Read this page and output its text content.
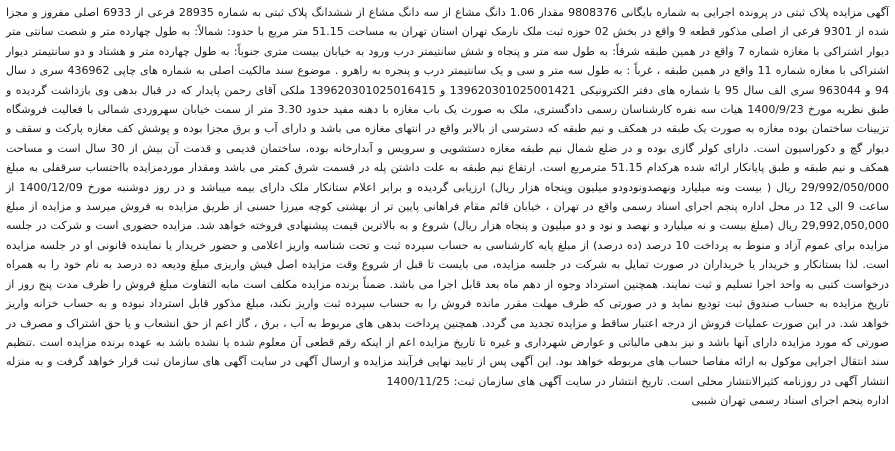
آگهی مزایده پلاک ثبتی در پرونده اجرایی به شماره بایگانی 9808376 مقدار 1.06 دانگ مشاع از سه دانگ مشاع از ششدانگ پلاک ثبتی به شماره 28935 فرعی از 6933 اصلی مفروز و مجزا شده از 9301 فرعی از اصلی مذکور قطعه 9 واقع در بخش 02 حوزه ثبت ملک نارمک تهران استان تهران به مساحت 51.15 متر مربع با حدود: شمالاً: به طول چهارده متر و شصت سانتی متر دیوار اشتراکی با مغازه شماره 7 واقع در همین طبقه شرقاً: به طول سه متر و پنجاه و شش سانتیمتر درب ورود به خیابان بیست متری جنوباً: به طول چهارده متر و هشتاد و دو سانتیمتر دیوار اشتراکی با مغازه شماره 11 واقع در همین طبقه ، غرباً : به طول سه متر و سی و یک سانتیمتر درب و پنجره به راهرو . موضوع سند مالکیت اصلی به شماره های چاپی 436962 سری د سال 94 و 963044 سری الف سال 95 با شماره های دفتر الکترونیکی 139620301025001421 و 139620301025016415 ملکی آقای رحمن پایدار که در قبال بدهی وی بازداشت گردیده و طبق نظریه مورخ 1400/9/23 هیات سه نفره کارشناسان رسمی دادگستری، ملک به صورت یک باب مغازه با دهنه مفید حدود 3.30 متر از سمت خیابان سهروردی شمالی با فعالیت فروشگاه تزیینات ساختمان بوده مغازه به صورت یک طبقه در همکف و نیم طبقه که دسترسی از بالابر واقع در انتهای مغازه می باشد و دارای آب و برق مجزا بوده و پوشش کف مغازه پارکت و سقف و دیوار گچ و دکوراسیون است. دارای کولر گازی بوده و در ضلع شمال نیم طبقه مغازه دستشویی و سرویس و آبدارخانه بوده، ساختمان قدیمی و قدمت آن بیش از 30 سال است و مساحت همکف و نیم طبقه و طبق پایانکار ارائه شده هرکدام 51.15 مترمربع است. ارتفاع نیم طبقه به علت داشتن پله در قسمت شرق کمتر می باشد ومقدار موردمزایده بااحتساب سرقفلی به مبلغ 29/992/050/000 ریال ( بیست ونه میلیارد ونهصدونودودو میلیون وپنجاه هزار ریال) ارزیابی گردیده و برابر اعلام ستانکار ملک دارای بیمه میباشد و در روز دوشنبه مورخ 1400/12/09 از ساعت 9 الی 12 در محل اداره پنجم اجرای اسناد رسمی واقع در تهران ، خیابان قائم مقام فراهانی پایین تر از بهشتی کوچه میرزا حسنی از طریق مزایده به فروش میرسد و مزایده از مبلغ 29,992,050,000 ریال (مبلغ بیست و نه میلیارد و نهصد و نود و دو میلیون و پنجاه هزار ریال) شروع و به بالاترین قیمت پیشنهادی فروخته خواهد شد. مزایده حضوری است و شرکت در جلسه مزایده برای عموم آزاد و منوط به پرداخت 10 درصد (ده درصد) از مبلغ پایه کارشناسی به حساب سپرده ثبت و تحت شناسه واریز اعلامی و حضور خریدار یا نماینده قانونی او در جلسه مزایده است. لذا بستانکار و خریدار یا خریداران در صورت تمایل به شرکت در جلسه مزایده، می بایست تا قبل از شروع وقت مزایده اصل فیش واریزی مبلغ ودیعه ده درصد به نام خود را به همراه درخواست کتبی به واحد اجرا تسلیم و ثبت نمایند. همچنین استرداد وجوه از دهم ماه بعد قابل اجرا می باشد. ضمناً برنده مزایده مکلف است مابه التفاوت مبلغ فروش را ظرف مدت پنج روز از تاریخ مزایده به حساب صندوق ثبت تودیع نماید و در صورتی که ظرف مهلت مقرر مانده فروش را به حساب سپرده ثبت واریز نکند، مبلغ مذکور قابل استرداد نبوده و به حساب خزانه واریز خواهد شد. در این صورت عملیات فروش از درجه اعتبار ساقط و مزایده تجدید می گردد. همچنین پرداخت بدهی های مربوط به آب ، برق ، گاز اعم از حق انشعاب و یا حق اشتراک و مصرف در صورتی که مورد مزایده دارای آنها باشد و نیز بدهی مالیاتی و عوارض شهرداری و غیره تا تاریخ مزایده اعم از اینکه رقم قطعی آن معلوم شده یا نشده باشد به عهده برنده مزایده است .تنظیم سند انتقال اجرایی موکول به ارائه مفاصا حساب های مربوطه خواهد بود. این آگهی پس از تایید نهایی فرآیند مزایده و ارسال آگهی در سایت آگهی های سازمان ثبت قرار خواهد گرفت و به منزله انتشار آگهی در روزنامه کثیرالانتشار محلی است. تاریخ انتشار در سایت آگهی های سازمان ثبت: 1400/11/25

اداره پنجم اجرای اسناد رسمی تهران شببی
